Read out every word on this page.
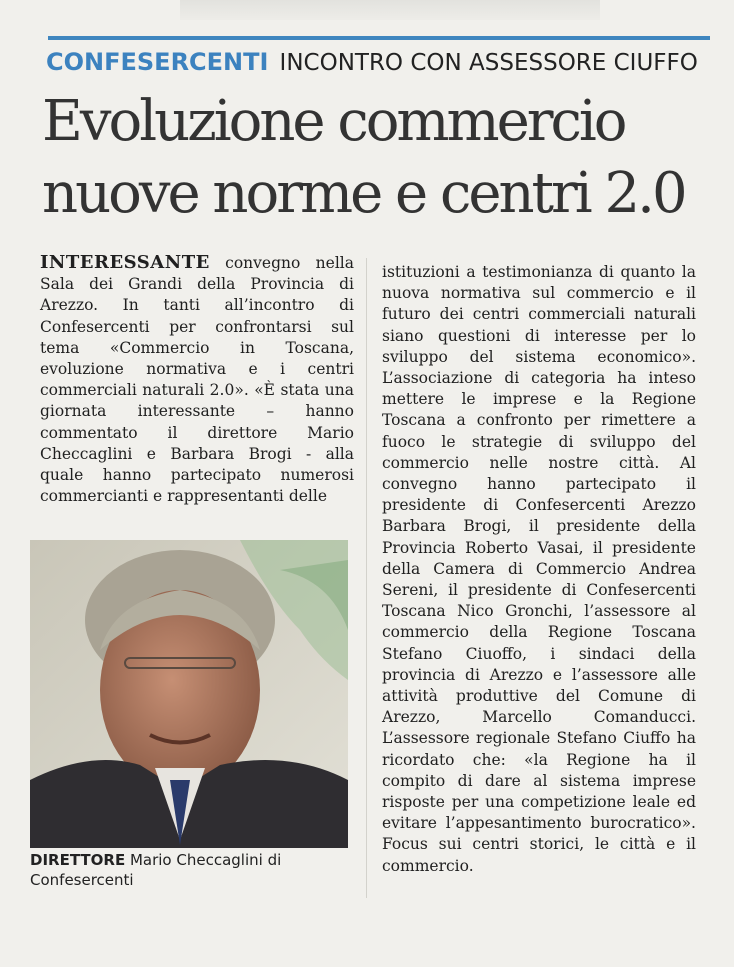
CONFESERCENTI INCONTRO CON ASSESSORE CIUFFO
Evoluzione commercio
nuove norme e centri 2.0

INTERESSANTE convegno nella Sala dei Grandi della Provincia di Arezzo. In tanti all’incontro di Confesercenti per confrontarsi sul tema «Commercio in Toscana, evoluzione normativa e i centri commerciali naturali 2.0». «È stata una giornata interessante – hanno commentato il direttore Mario Checcaglini e Barbara Brogi - alla quale hanno partecipato numerosi commercianti e rappresentanti delle

istituzioni a testimonianza di quanto la nuova normativa sul commercio e il futuro dei centri commerciali naturali siano questioni di interesse per lo sviluppo del sistema economico». L’associazione di categoria ha inteso mettere le imprese e la Regione Toscana a confronto per rimettere a fuoco le strategie di sviluppo del commercio nelle nostre città. Al convegno hanno partecipato il presidente di Confesercenti Arezzo Barbara Brogi, il presidente della Provincia Roberto Vasai, il presidente della Camera di Commercio Andrea Sereni, il presidente di Confesercenti Toscana Nico Gronchi, l’assessore al commercio della Regione Toscana Stefano Ciuoffo, i sindaci della provincia di Arezzo e l’assessore alle attività produttive del Comune di Arezzo, Marcello Comanducci. L’assessore regionale Stefano Ciuffo ha ricordato che: «la Regione ha il compito di dare al sistema imprese risposte per una competizione leale ed evitare l’appesantimento burocratico». Focus sui centri storici, le città e il commercio.

DIRETTORE Mario Checcaglini di Confesercenti
